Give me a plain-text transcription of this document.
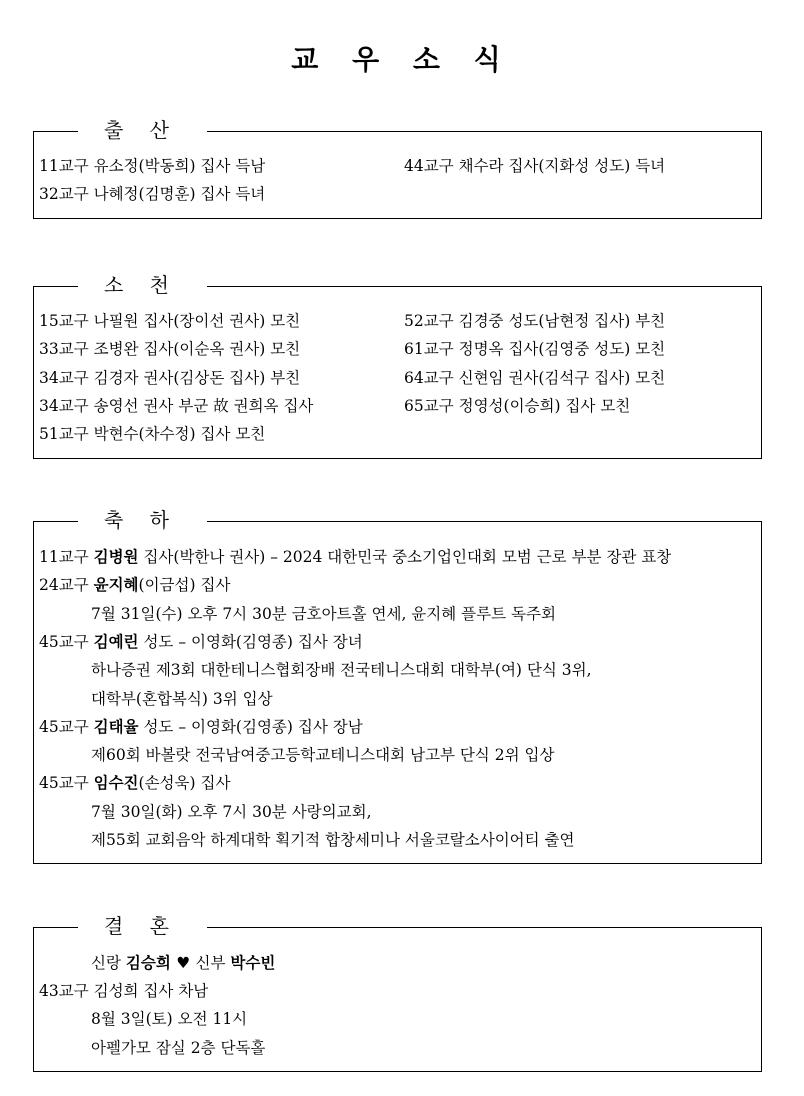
교 우 소 식
출 산
11교구 유소정(박동희) 집사 득남	44교구 채수라 집사(지화성 성도) 득녀
32교구 나혜정(김명훈) 집사 득녀
소 천
15교구 나필원 집사(장이선 권사) 모친	52교구 김경중 성도(남현정 집사) 부친
33교구 조병완 집사(이순옥 권사) 모친	61교구 정명옥 집사(김영중 성도) 모친
34교구 김경자 권사(김상돈 집사) 부친	64교구 신현임 권사(김석구 집사) 모친
34교구 송영선 권사 부군 故 권희옥 집사	65교구 정영성(이승희) 집사 모친
51교구 박현수(차수정) 집사 모친
축 하
11교구 김병원 집사(박한나 권사) – 2024 대한민국 중소기업인대회 모범 근로 부분 장관 표창
24교구 윤지혜(이금섭) 집사
7월 31일(수) 오후 7시 30분 금호아트홀 연세, 윤지혜 플루트 독주회
45교구 김예린 성도 – 이영화(김영종) 집사 장녀
하나증권 제3회 대한테니스협회장배 전국테니스대회 대학부(여) 단식 3위,
대학부(혼합복식) 3위 입상
45교구 김태율 성도 – 이영화(김영종) 집사 장남
제60회 바볼랏 전국남여중고등학교테니스대회 남고부 단식 2위 입상
45교구 임수진(손성욱) 집사
7월 30일(화) 오후 7시 30분 사랑의교회,
제55회 교회음악 하계대학 획기적 합창세미나 서울코랄소사이어티 출연
결 혼
신랑 김승희 ♥ 신부 박수빈
43교구 김성희 집사 차남
8월 3일(토) 오전 11시
아펠가모 잠실 2층 단독홀
